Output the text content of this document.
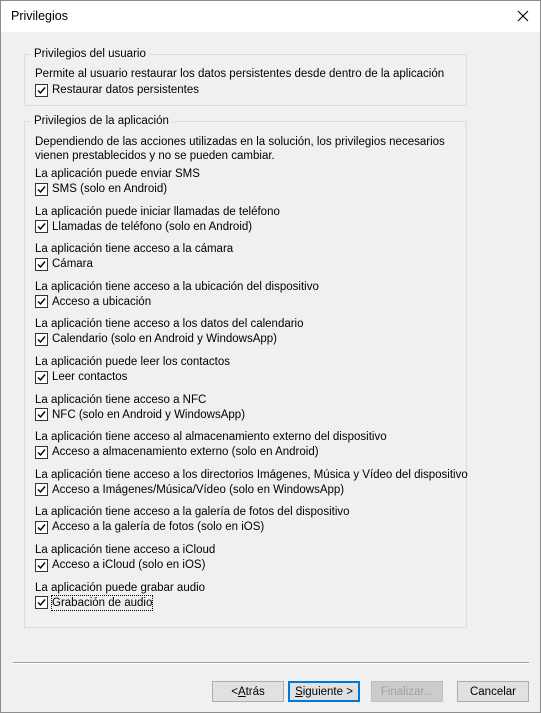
Privilegios
Privilegios del usuario
Permite al usuario restaurar los datos persistentes desde dentro de la aplicación
Restaurar datos persistentes
Privilegios de la aplicación
Dependiendo de las acciones utilizadas en la solución, los privilegios necesarios vienen prestablecidos y no se pueden cambiar.
La aplicación puede enviar SMS
SMS (solo en Android)
La aplicación puede iniciar llamadas de teléfono
Llamadas de teléfono (solo en Android)
La aplicación tiene acceso a la cámara
Cámara
La aplicación tiene acceso a la ubicación del dispositivo
Acceso a ubicación
La aplicación tiene acceso a los datos del calendario
Calendario (solo en Android y WindowsApp)
La aplicación puede leer los contactos
Leer contactos
La aplicación tiene acceso a NFC
NFC (solo en Android y WindowsApp)
La aplicación tiene acceso al almacenamiento externo del dispositivo
Acceso a almacenamiento externo (solo en Android)
La aplicación tiene acceso a los directorios Imágenes, Música y Vídeo del dispositivo
Acceso a Imágenes/Música/Vídeo (solo en WindowsApp)
La aplicación tiene acceso a la galería de fotos del dispositivo
Acceso a la galería de fotos (solo en iOS)
La aplicación tiene acceso a iCloud
Acceso a iCloud (solo en iOS)
La aplicación puede grabar audio
Grabación de audio
< A trás	S iguiente > Finalizar...	Cancelar
